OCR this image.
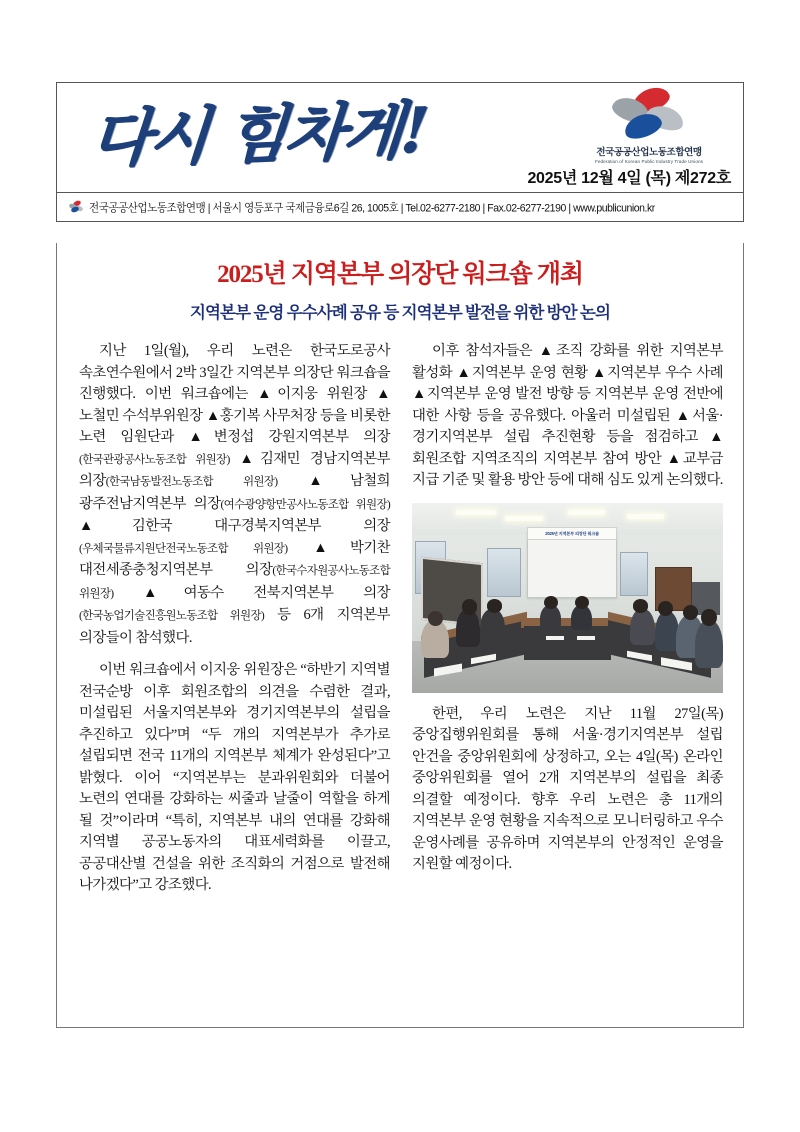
다시 힘차게!	전국공공산업노동조합연맹
Federation of Korean Public Industry Trade Unions
2025년 12월 4일 (목) 제272호
전국공공산업노동조합연맹 | 서울시 영등포구 국제금융로6길 26, 1005호 | Tel.02-6277-2180 | Fax.02-6277-2190 | www.publicunion.kr
2025년 지역본부 의장단 워크숍 개최
지역본부 운영 우수사례 공유 등 지역본부 발전을 위한 방안 논의

지난 1일(월), 우리 노련은 한국도로공사 속초연수원에서 2박 3일간 지역본부 의장단 워크숍을 진행했다. 이번 워크숍에는 ▲이지웅 위원장 ▲노철민 수석부위원장 ▲홍기복 사무처장 등을 비롯한 노련 임원단과 ▲변정섭 강원지역본부 의장(한국관광공사노동조합 위원장) ▲김재민 경남지역본부 의장(한국남동발전노동조합 위원장) ▲남철희 광주전남지역본부 의장(여수광양항만공사노동조합 위원장) ▲김한국 대구경북지역본부 의장(우체국물류지원단전국노동조합 위원장) ▲박기찬 대전세종충청지역본부 의장(한국수자원공사노동조합 위원장) ▲여동수 전북지역본부 의장(한국농업기술진흥원노동조합 위원장) 등 6개 지역본부 의장들이 참석했다.

이번 워크숍에서 이지웅 위원장은 “하반기 지역별 전국순방 이후 회원조합의 의견을 수렴한 결과, 미설립된 서울지역본부와 경기지역본부의 설립을 추진하고 있다”며 “두 개의 지역본부가 추가로 설립되면 전국 11개의 지역본부 체계가 완성된다”고 밝혔다. 이어 “지역본부는 분과위원회와 더불어 노련의 연대를 강화하는 씨줄과 날줄이 역할을 하게 될 것”이라며 “특히, 지역본부 내의 연대를 강화해 지역별 공공노동자의 대표세력화를 이끌고, 공공대산별 건설을 위한 조직화의 거점으로 발전해 나가겠다”고 강조했다.

이후 참석자들은 ▲조직 강화를 위한 지역본부 활성화 ▲지역본부 운영 현황 ▲지역본부 우수 사례 ▲지역본부 운영 발전 방향 등 지역본부 운영 전반에 대한 사항 등을 공유했다. 아울러 미설립된 ▲서울·경기지역본부 설립 추진현황 등을 점검하고 ▲회원조합 지역조직의 지역본부 참여 방안 ▲교부금 지급 기준 및 활용 방안 등에 대해 심도 있게 논의했다.

2025년 지역본부 의장단 워크숍

한편, 우리 노련은 지난 11월 27일(목) 중앙집행위원회를 통해 서울·경기지역본부 설립 안건을 중앙위원회에 상정하고, 오는 4일(목) 온라인 중앙위원회를 열어 2개 지역본부의 설립을 최종 의결할 예정이다. 향후 우리 노련은 총 11개의 지역본부 운영 현황을 지속적으로 모니터링하고 우수 운영사례를 공유하며 지역본부의 안정적인 운영을 지원할 예정이다.
